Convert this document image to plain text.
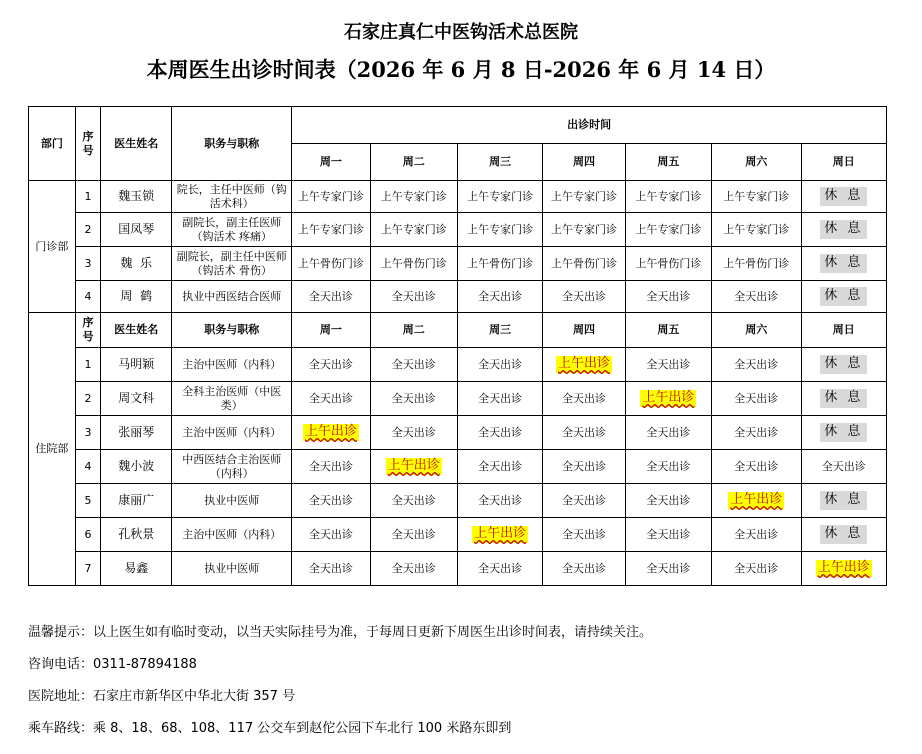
石家庄真仁中医钩活术总医院
本周医生出诊时间表（2026 年 6 月 8 日-2026 年 6 月 14 日）
部门	序号	医生姓名	职务与职称	出诊时间						
				周一	周二	周三	周四	周五	周六	周日
门诊部	1	魏玉锁	院长，主任中医师（钩活术科）	上午专家门诊	上午专家门诊	上午专家门诊	上午专家门诊	上午专家门诊	上午专家门诊	休 息
	2	国凤琴	副院长，副主任医师（钩活术 疼痛）	上午专家门诊	上午专家门诊	上午专家门诊	上午专家门诊	上午专家门诊	上午专家门诊	休 息
	3	魏  乐	副院长，副主任中医师（钩活术 骨伤）	上午骨伤门诊	上午骨伤门诊	上午骨伤门诊	上午骨伤门诊	上午骨伤门诊	上午骨伤门诊	休 息
	4	周  鹤	执业中西医结合医师	全天出诊	全天出诊	全天出诊	全天出诊	全天出诊	全天出诊	休 息
住院部	序号	医生姓名	职务与职称	周一	周二	周三	周四	周五	周六	周日
	1	马明颖	主治中医师（内科）	全天出诊	全天出诊	全天出诊	上午出诊	全天出诊	全天出诊	休 息
	2	周文科	全科主治医师（中医类）	全天出诊	全天出诊	全天出诊	全天出诊	上午出诊	全天出诊	休 息
	3	张丽琴	主治中医师（内科）	上午出诊	全天出诊	全天出诊	全天出诊	全天出诊	全天出诊	休 息
	4	魏小波	中西医结合主治医师（内科）	全天出诊	上午出诊	全天出诊	全天出诊	全天出诊	全天出诊	全天出诊
	5	康丽广	执业中医师	全天出诊	全天出诊	全天出诊	全天出诊	全天出诊	上午出诊	休 息
	6	孔秋景	主治中医师（内科）	全天出诊	全天出诊	上午出诊	全天出诊	全天出诊	全天出诊	休 息
	7	易鑫	执业中医师	全天出诊	全天出诊	全天出诊	全天出诊	全天出诊	全天出诊	上午出诊
温馨提示：以上医生如有临时变动，以当天实际挂号为准，于每周日更新下周医生出诊时间表，请持续关注。
咨询电话：0311-87894188
医院地址：石家庄市新华区中华北大街 357 号
乘车路线：乘 8、18、68、108、117 公交车到赵佗公园下车北行 100 米路东即到
